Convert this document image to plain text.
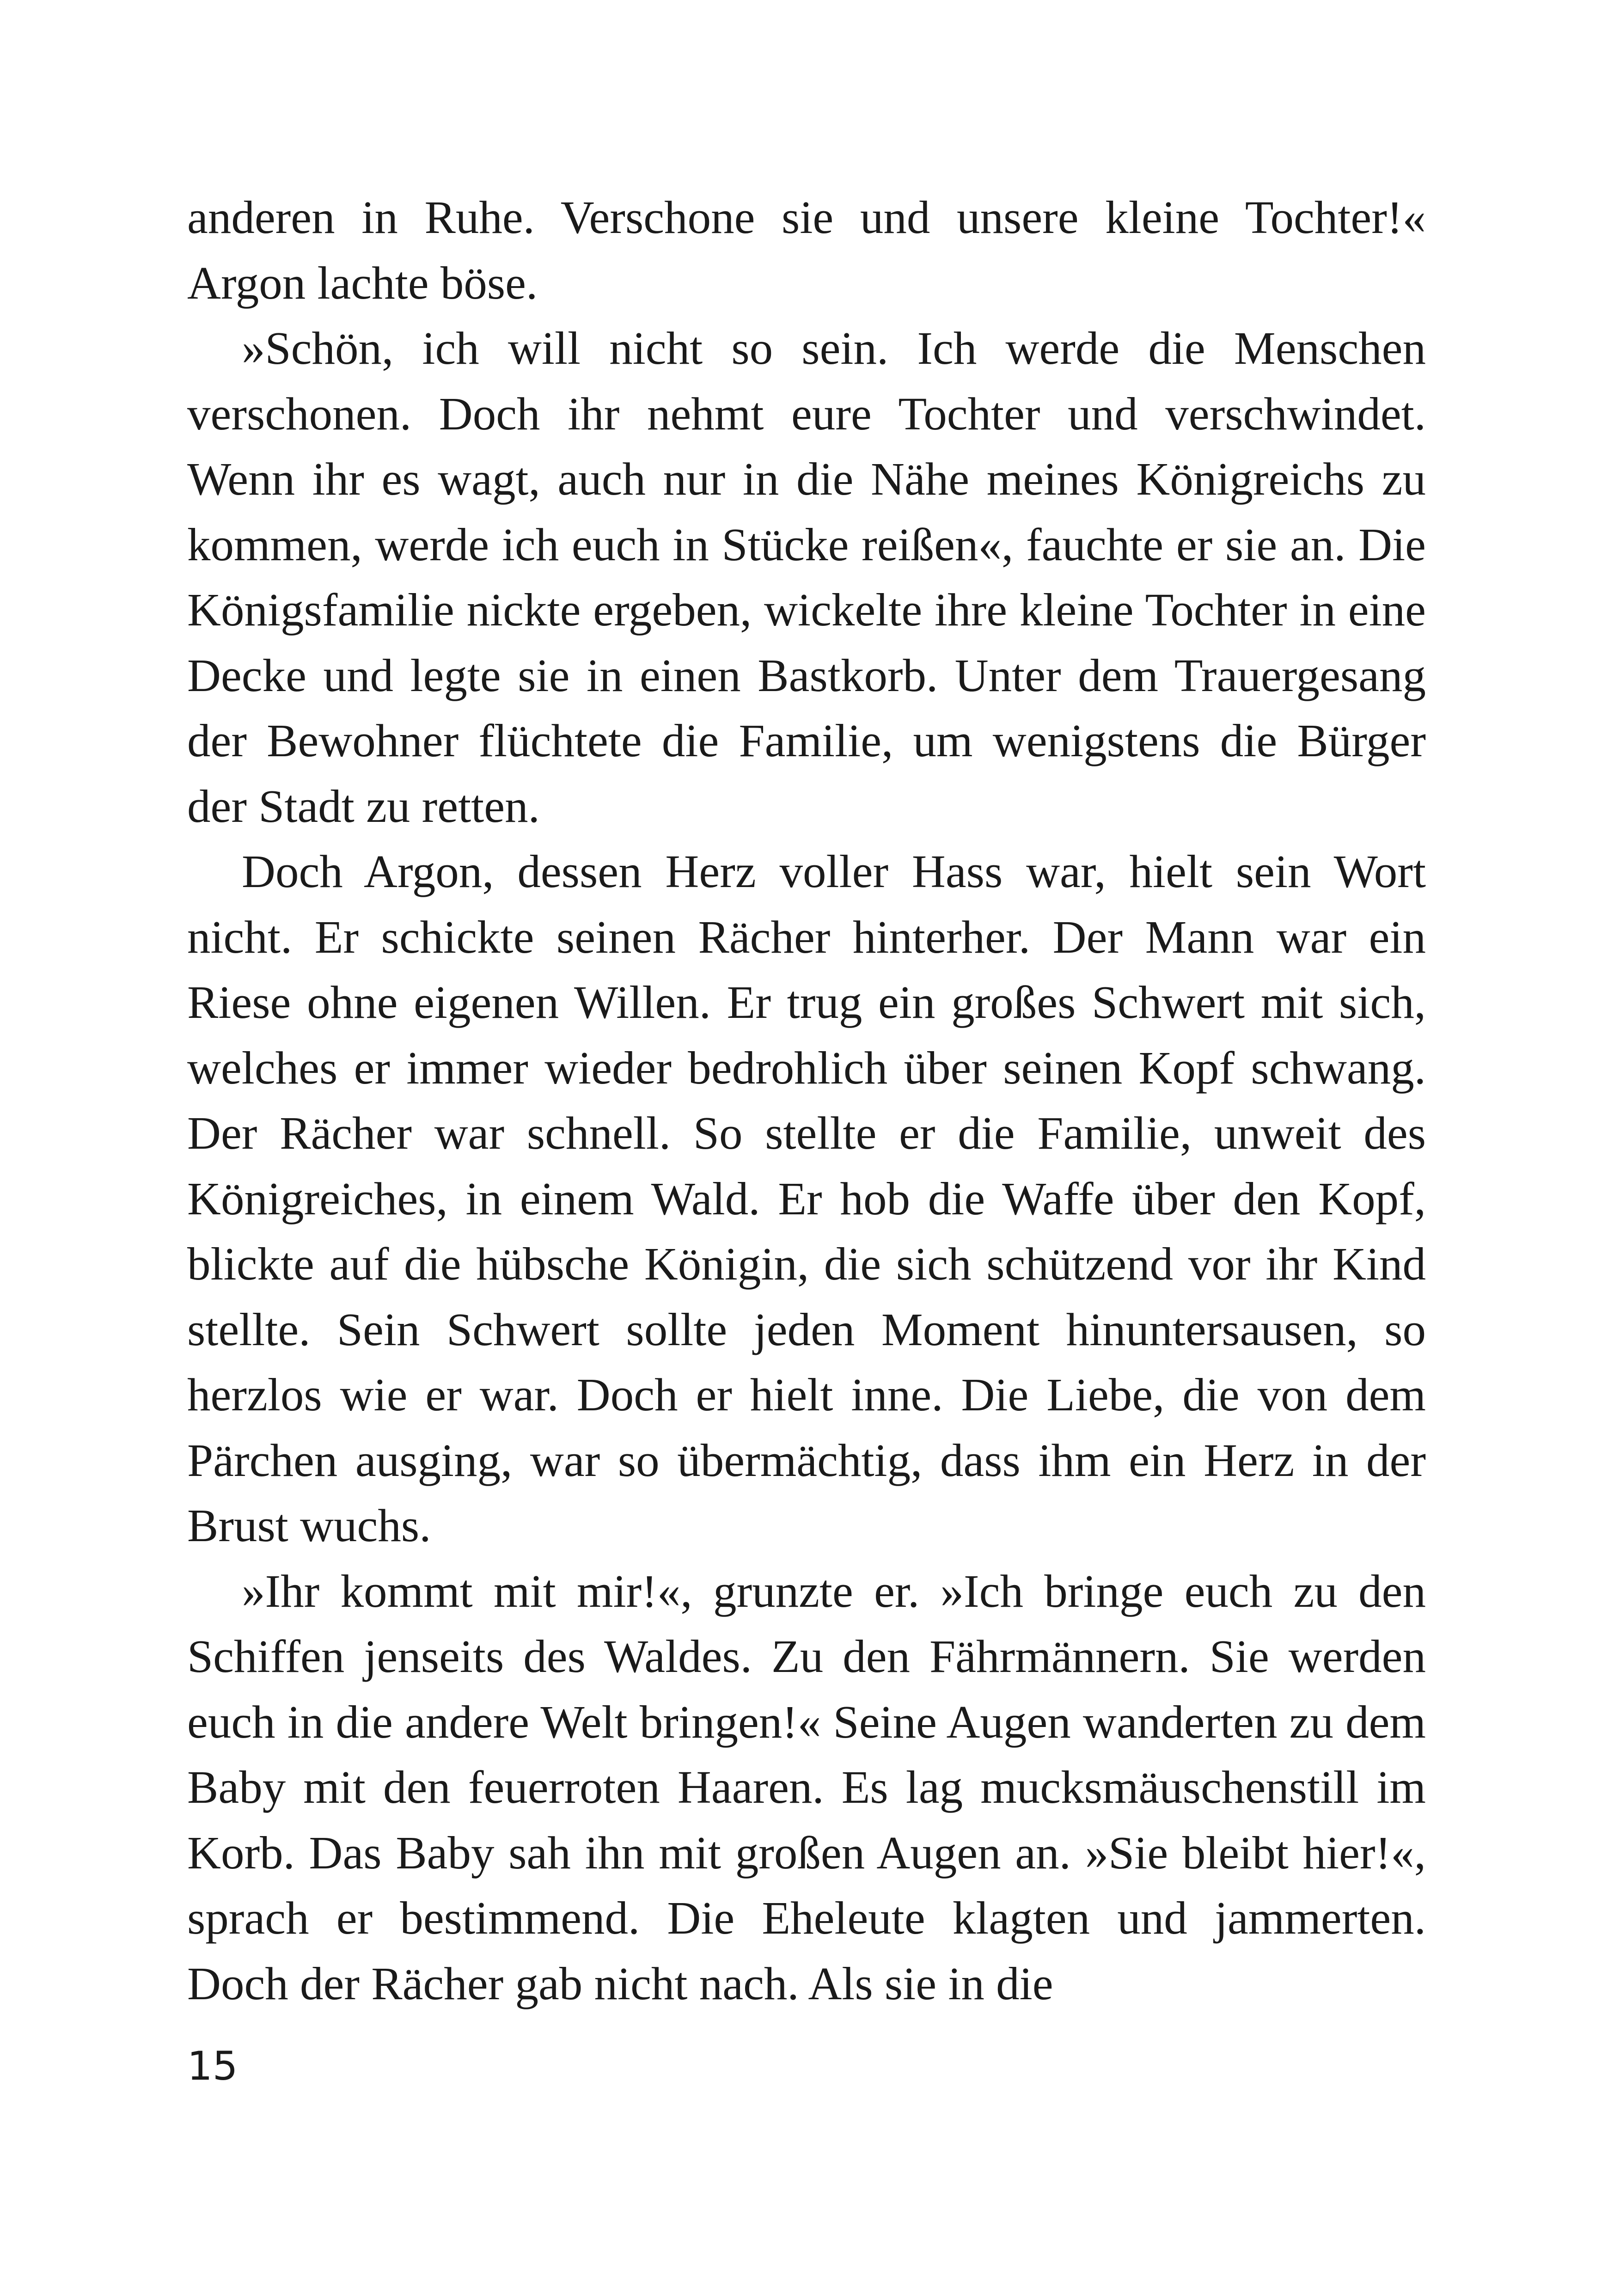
anderen in Ruhe. Verschone sie und unsere kleine Tochter!« Argon lachte böse.

»Schön, ich will nicht so sein. Ich werde die Menschen verschonen. Doch ihr nehmt eure Tochter und verschwindet. Wenn ihr es wagt, auch nur in die Nähe meines Königreichs zu kommen, werde ich euch in Stücke reißen«, fauchte er sie an. Die Königsfamilie nickte ergeben, wickelte ihre kleine Tochter in eine Decke und legte sie in einen Bastkorb. Unter dem Trauergesang der Bewohner flüchtete die Familie, um wenigstens die Bürger der Stadt zu retten.

Doch Argon, dessen Herz voller Hass war, hielt sein Wort nicht. Er schickte seinen Rächer hinterher. Der Mann war ein Riese ohne eigenen Willen. Er trug ein großes Schwert mit sich, welches er immer wieder bedrohlich über seinen Kopf schwang. Der Rächer war schnell. So stellte er die Familie, unweit des Königreiches, in einem Wald. Er hob die Waffe über den Kopf, blickte auf die hübsche Königin, die sich schützend vor ihr Kind stellte. Sein Schwert sollte jeden Moment hinuntersausen, so herzlos wie er war. Doch er hielt inne. Die Liebe, die von dem Pärchen ausging, war so übermächtig, dass ihm ein Herz in der Brust wuchs.

»Ihr kommt mit mir!«, grunzte er. »Ich bringe euch zu den Schiffen jenseits des Waldes. Zu den Fährmännern. Sie werden euch in die andere Welt bringen!« Seine Augen wanderten zu dem Baby mit den feuerroten Haaren. Es lag mucksmäuschenstill im Korb. Das Baby sah ihn mit großen Augen an. »Sie bleibt hier!«, sprach er bestimmend. Die Eheleute klagten und jammerten. Doch der Rächer gab nicht nach. Als sie in die

15
